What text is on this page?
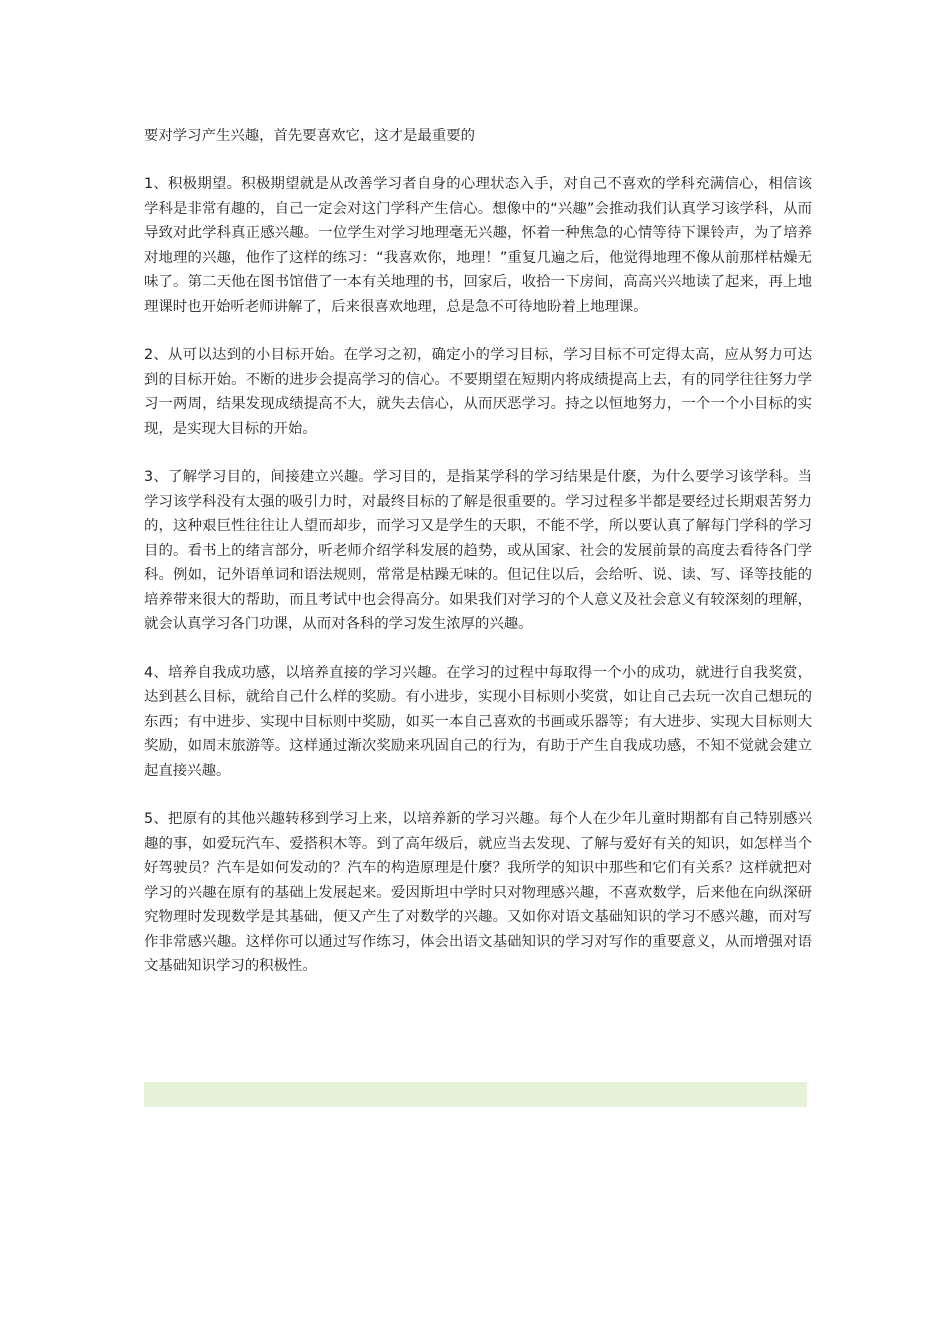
要对学习产生兴趣，首先要喜欢它，这才是最重要的

1、积极期望。积极期望就是从改善学习者自身的心理状态入手，对自己不喜欢的学科充满信心，相信该学科是非常有趣的，自己一定会对这门学科产生信心。想像中的“兴趣”会推动我们认真学习该学科，从而导致对此学科真正感兴趣。一位学生对学习地理毫无兴趣，怀着一种焦急的心情等待下课铃声，为了培养对地理的兴趣，他作了这样的练习：“我喜欢你，地理！”重复几遍之后，他觉得地理不像从前那样枯燥无味了。第二天他在图书馆借了一本有关地理的书，回家后，收拾一下房间，高高兴兴地读了起来，再上地理课时也开始听老师讲解了，后来很喜欢地理，总是急不可待地盼着上地理课。

2、从可以达到的小目标开始。在学习之初，确定小的学习目标，学习目标不可定得太高，应从努力可达到的目标开始。不断的进步会提高学习的信心。不要期望在短期内将成绩提高上去，有的同学往往努力学习一两周，结果发现成绩提高不大，就失去信心，从而厌恶学习。持之以恒地努力，一个一个小目标的实现，是实现大目标的开始。

3、了解学习目的，间接建立兴趣。学习目的，是指某学科的学习结果是什麽，为什么要学习该学科。当学习该学科没有太强的吸引力时，对最终目标的了解是很重要的。学习过程多半都是要经过长期艰苦努力的，这种艰巨性往往让人望而却步，而学习又是学生的天职，不能不学，所以要认真了解每门学科的学习目的。看书上的绪言部分，听老师介绍学科发展的趋势，或从国家、社会的发展前景的高度去看待各门学科。例如，记外语单词和语法规则，常常是枯躁无味的。但记住以后，会给听、说、读、写、译等技能的培养带来很大的帮助，而且考试中也会得高分。如果我们对学习的个人意义及社会意义有较深刻的理解，就会认真学习各门功课，从而对各科的学习发生浓厚的兴趣。

4、培养自我成功感，以培养直接的学习兴趣。在学习的过程中每取得一个小的成功，就进行自我奖赏，达到甚么目标，就给自己什么样的奖励。有小进步，实现小目标则小奖赏，如让自己去玩一次自己想玩的东西；有中进步、实现中目标则中奖励，如买一本自己喜欢的书画或乐器等；有大进步、实现大目标则大奖励，如周末旅游等。这样通过渐次奖励来巩固自己的行为，有助于产生自我成功感，不知不觉就会建立起直接兴趣。

5、把原有的其他兴趣转移到学习上来，以培养新的学习兴趣。每个人在少年儿童时期都有自己特别感兴趣的事，如爱玩汽车、爱搭积木等。到了高年级后，就应当去发现、了解与爱好有关的知识，如怎样当个好驾驶员？汽车是如何发动的？汽车的构造原理是什麼？我所学的知识中那些和它们有关系？这样就把对学习的兴趣在原有的基础上发展起来。爱因斯坦中学时只对物理感兴趣，不喜欢数学，后来他在向纵深研究物理时发现数学是其基础，便又产生了对数学的兴趣。又如你对语文基础知识的学习不感兴趣，而对写作非常感兴趣。这样你可以通过写作练习，体会出语文基础知识的学习对写作的重要意义，从而增强对语文基础知识学习的积极性。
